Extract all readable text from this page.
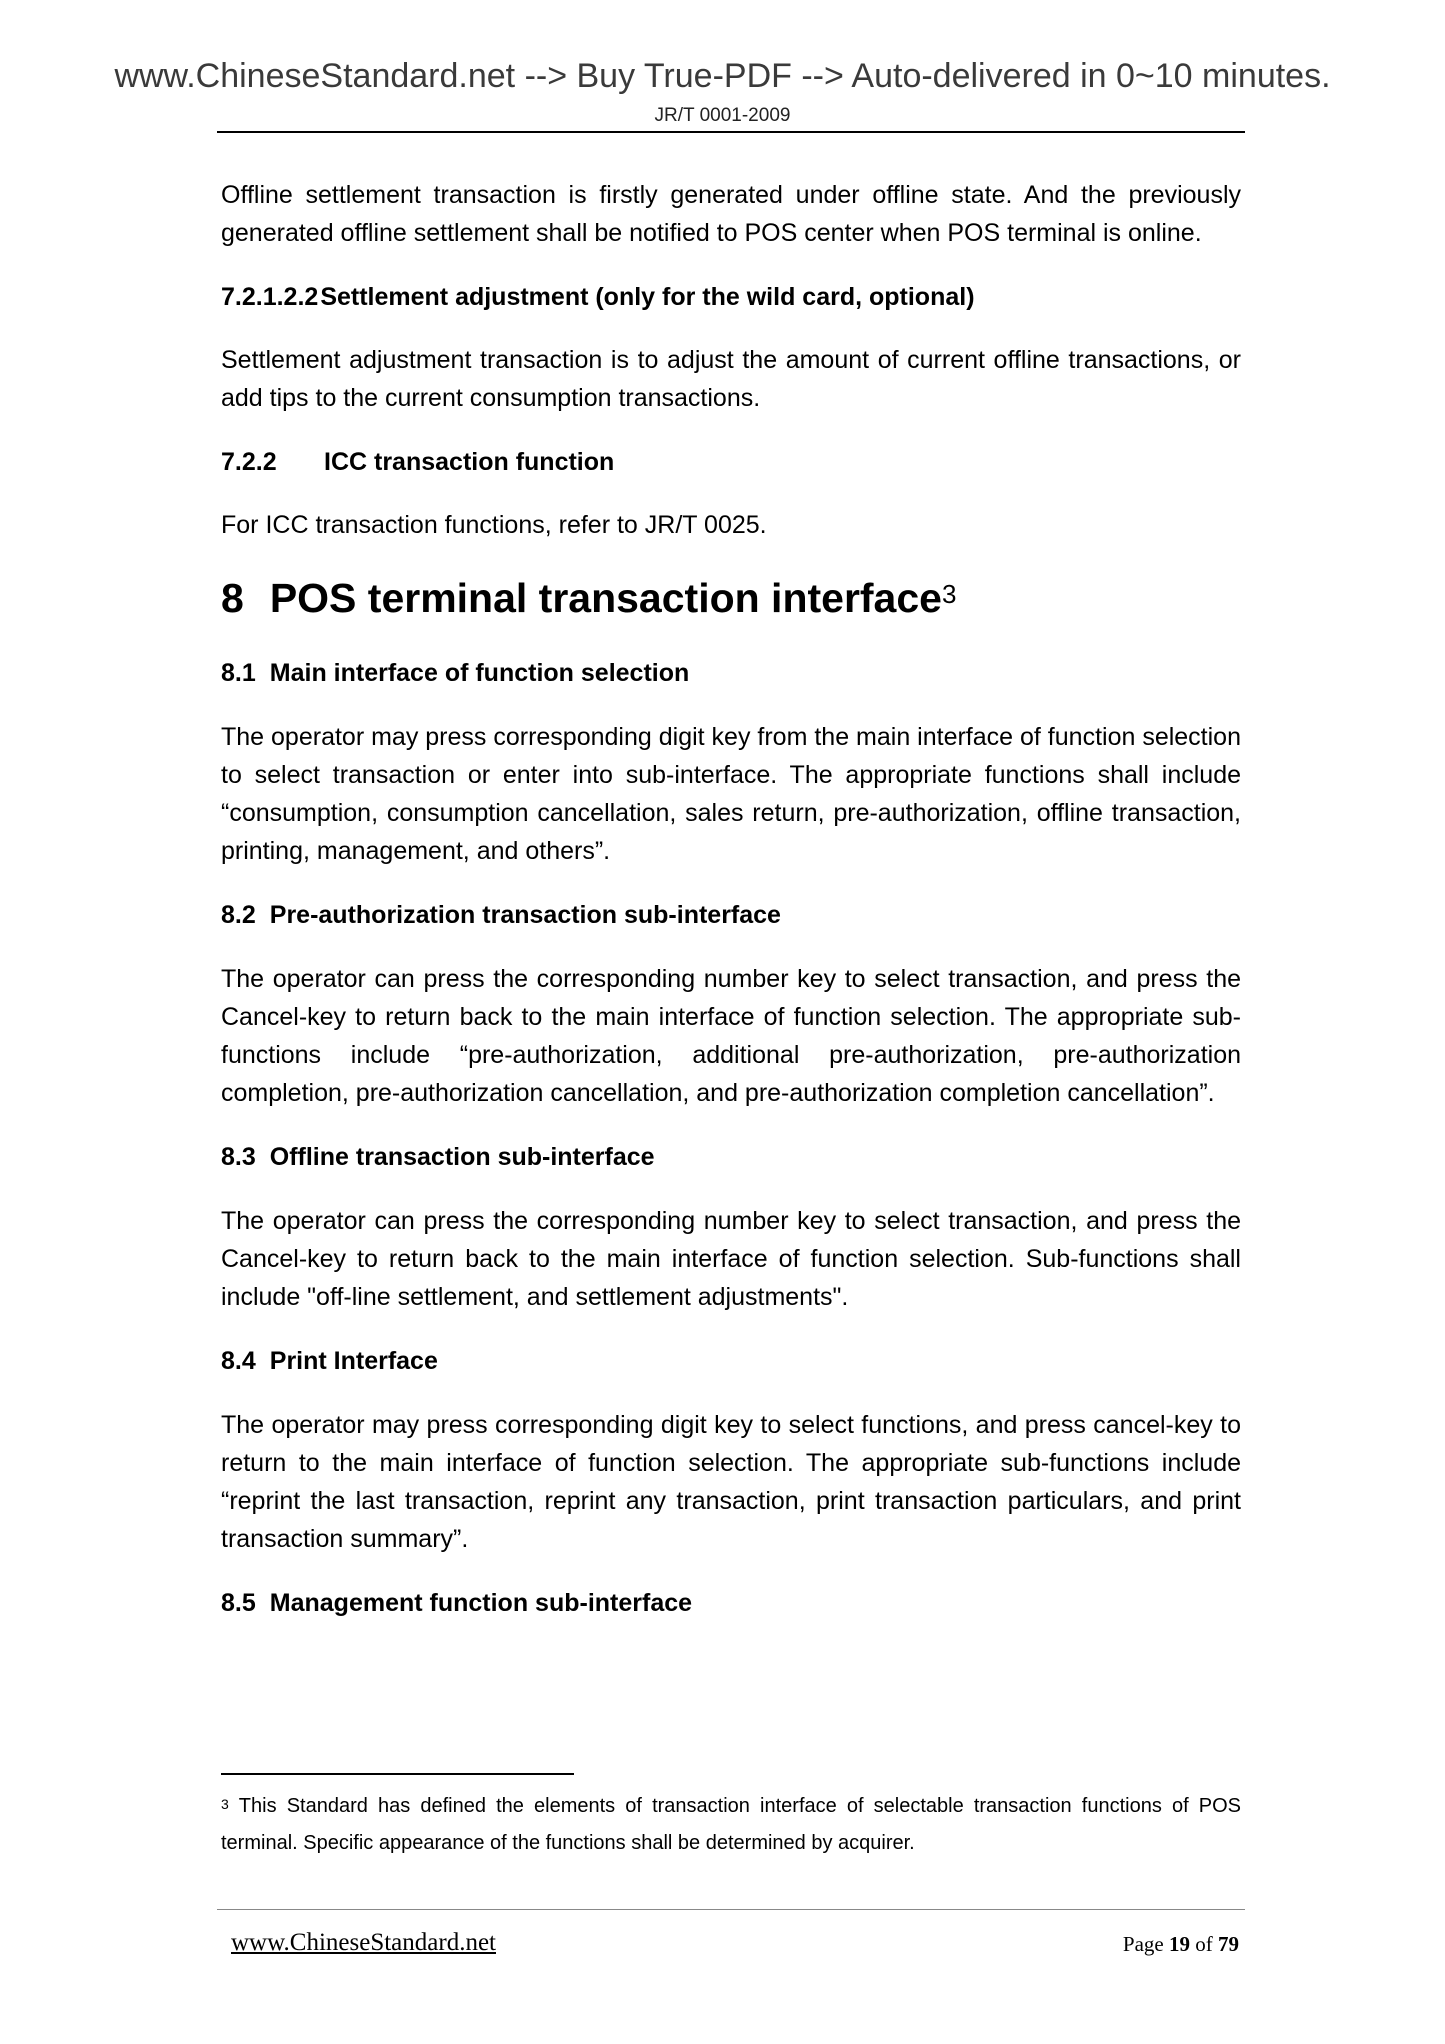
www.ChineseStandard.net --> Buy True-PDF --> Auto-delivered in 0~10 minutes.
JR/T 0001-2009

Offline settlement transaction is firstly generated under offline state. And the previously generated offline settlement shall be notified to POS center when POS terminal is online.

7.2.1.2.2Settlement adjustment (only for the wild card, optional)

Settlement adjustment transaction is to adjust the amount of current offline transactions, or add tips to the current consumption transactions.

7.2.2 ICC transaction function

For ICC transaction functions, refer to JR/T 0025.

8 POS terminal transaction interface$^3$
8.1 Main interface of function selection

The operator may press corresponding digit key from the main interface of function selection to select transaction or enter into sub-interface. The appropriate functions shall include “consumption, consumption cancellation, sales return, pre-authorization, offline transaction, printing, management, and others”.

8.2 Pre-authorization transaction sub-interface

The operator can press the corresponding number key to select transaction, and press the Cancel-key to return back to the main interface of function selection. The appropriate sub-functions include “pre-authorization, additional pre-authorization, pre-authorization completion, pre-authorization cancellation, and pre-authorization completion cancellation”.

8.3 Offline transaction sub-interface

The operator can press the corresponding number key to select transaction, and press the Cancel-key to return back to the main interface of function selection. Sub-functions shall include "off-line settlement, and settlement adjustments".

8.4 Print Interface

The operator may press corresponding digit key to select functions, and press cancel-key to return to the main interface of function selection. The appropriate sub-functions include “reprint the last transaction, reprint any transaction, print transaction particulars, and print transaction summary”.

8.5 Management function sub-interface
$^3$ This Standard has defined the elements of transaction interface of selectable transaction functions of POS terminal. Specific appearance of the functions shall be determined by acquirer.
www.ChineseStandard.net	Page 19 of 79
